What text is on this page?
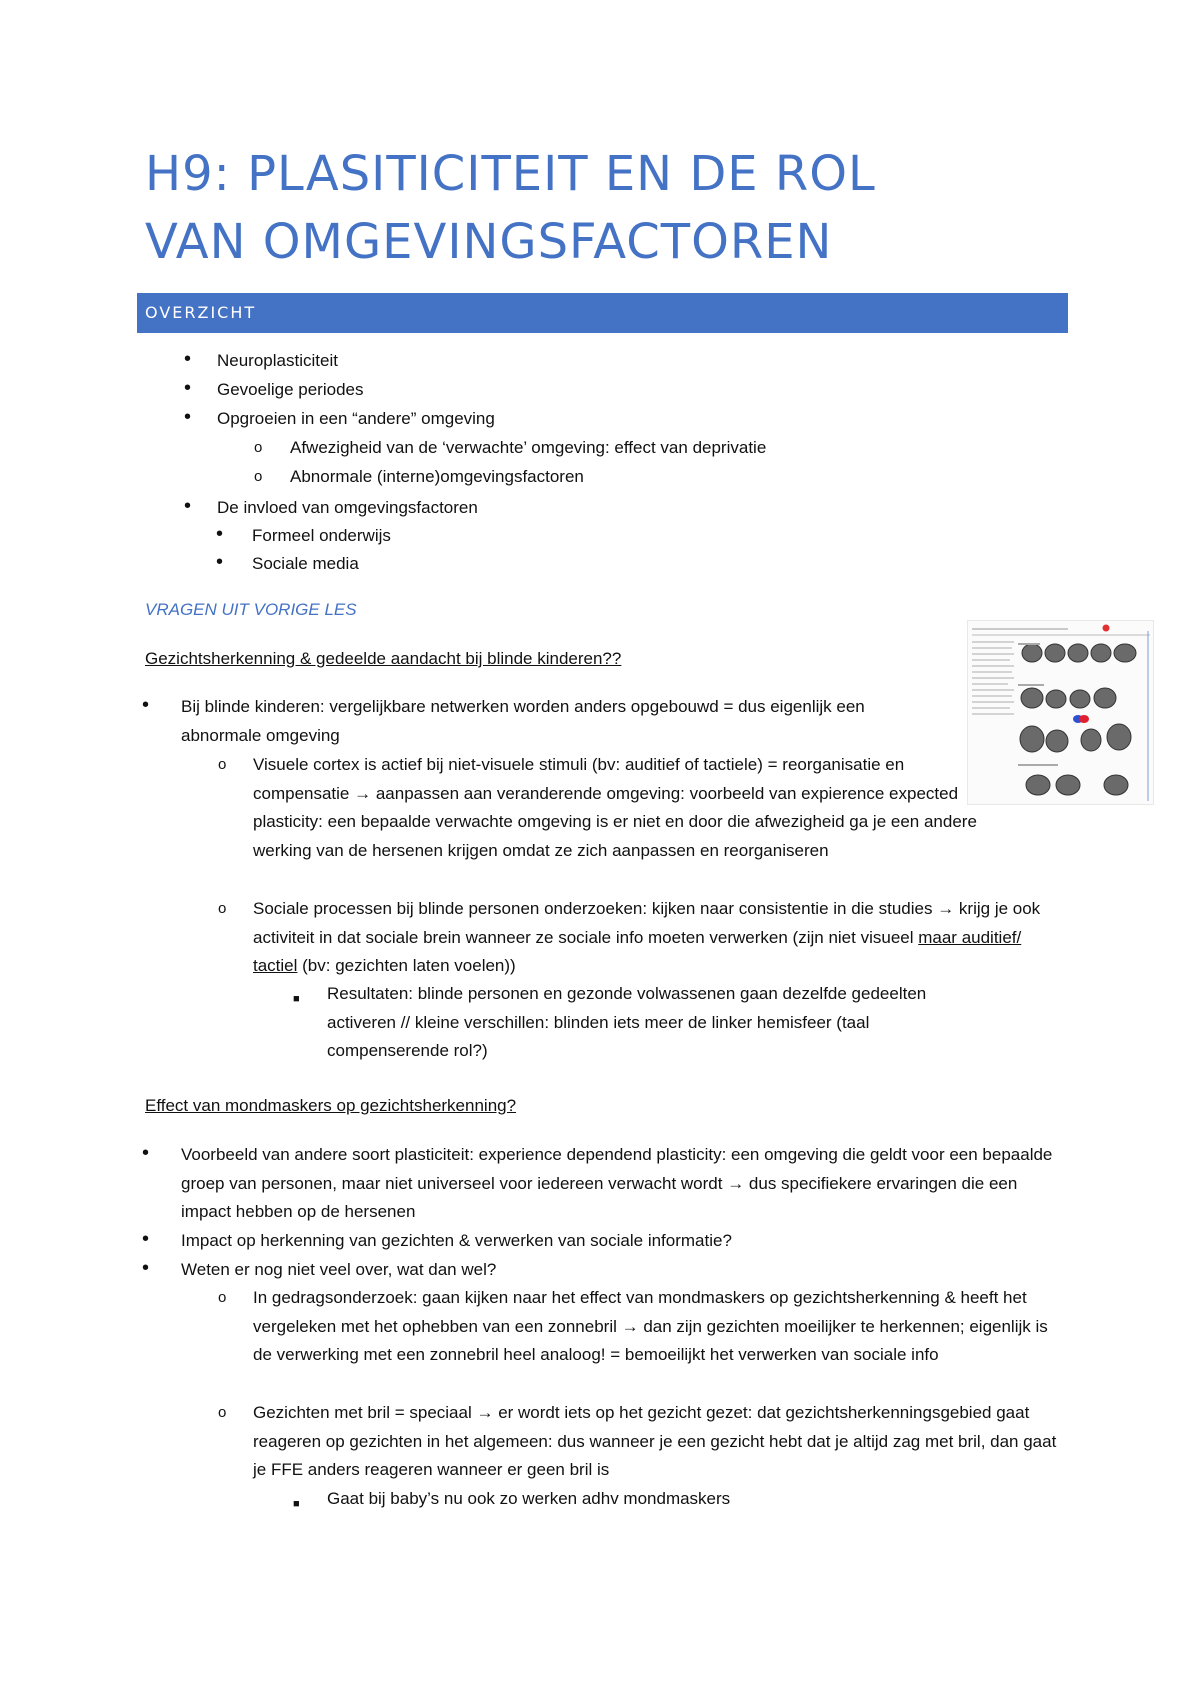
H9: PLASITICITEIT EN DE ROL
VAN OMGEVINGSFACTOREN
OVERZICHT
• Neuroplasticiteit
• Gevoelige periodes
• Opgroeien in een “andere” omgeving
o Afwezigheid van de ‘verwachte’ omgeving: effect van deprivatie
o Abnormale (interne)omgevingsfactoren
• De invloed van omgevingsfactoren
• Formeel onderwijs
• Sociale media
VRAGEN UIT VORIGE LES
Gezichtsherkenning & gedeelde aandacht bij blinde kinderen??
• Bij blinde kinderen: vergelijkbare netwerken worden anders opgebouwd = dus eigenlijk een abnormale omgeving
o Visuele cortex is actief bij niet-visuele stimuli (bv: auditief of tactiele) = reorganisatie en compensatie → aanpassen aan veranderende omgeving: voorbeeld van expierence expected plasticity: een bepaalde verwachte omgeving is er niet en door die afwezigheid ga je een andere werking van de hersenen krijgen omdat ze zich aanpassen en reorganiseren
o Sociale processen bij blinde personen onderzoeken: kijken naar consistentie in die studies → krijg je ook activiteit in dat sociale brein wanneer ze sociale info moeten verwerken (zijn niet visueel maar auditief/ tactiel (bv: gezichten laten voelen))
■ Resultaten: blinde personen en gezonde volwassenen gaan dezelfde gedeelten activeren // kleine verschillen: blinden iets meer de linker hemisfeer (taal compenserende rol?)
Effect van mondmaskers op gezichtsherkenning?
• Voorbeeld van andere soort plasticiteit: experience dependend plasticity: een omgeving die geldt voor een bepaalde groep van personen, maar niet universeel voor iedereen verwacht wordt → dus specifiekere ervaringen die een impact hebben op de hersenen
• Impact op herkenning van gezichten & verwerken van sociale informatie?
• Weten er nog niet veel over, wat dan wel?
o In gedragsonderzoek: gaan kijken naar het effect van mondmaskers op gezichtsherkenning & heeft het vergeleken met het ophebben van een zonnebril → dan zijn gezichten moeilijker te herkennen; eigenlijk is de verwerking met een zonnebril heel analoog! = bemoeilijkt het verwerken van sociale info
o Gezichten met bril = speciaal → er wordt iets op het gezicht gezet: dat gezichtsherkenningsgebied gaat reageren op gezichten in het algemeen: dus wanneer je een gezicht hebt dat je altijd zag met bril, dan gaat je FFE anders reageren wanneer er geen bril is
■ Gaat bij baby’s nu ook zo werken adhv mondmaskers
